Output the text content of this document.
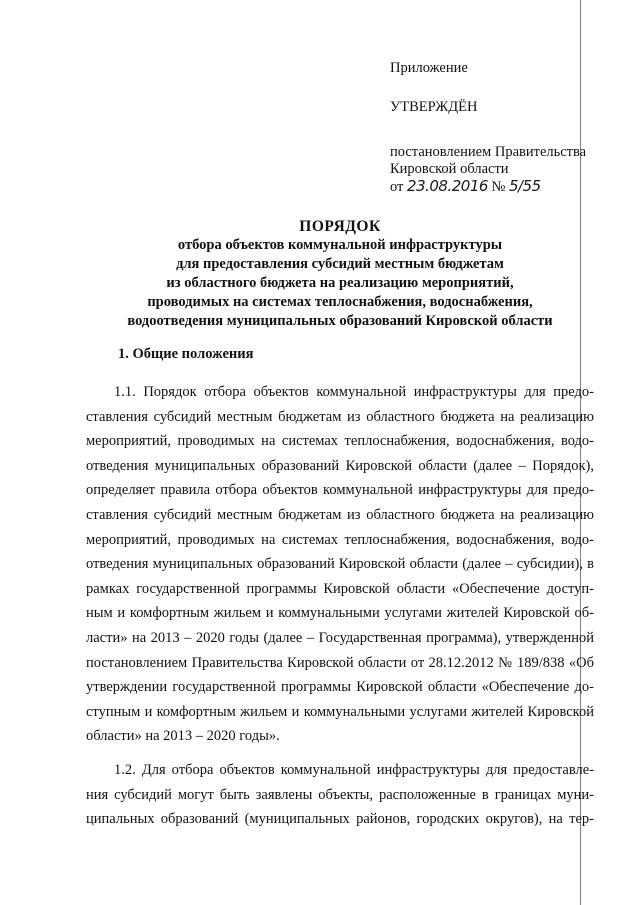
Приложение
УТВЕРЖДЁН
постановлением Правительства
Кировской области
от 23.08.2016 № 5/55
ПОРЯДОК
отбора объектов коммунальной инфраструктуры
для предоставления субсидий местным бюджетам
из областного бюджета на реализацию мероприятий,
проводимых на системах теплоснабжения, водоснабжения,
водоотведения муниципальных образований Кировской области
1. Общие положения

1.1. Порядок отбора объектов коммунальной инфраструктуры для предо-
ставления субсидий местным бюджетам из областного бюджета на реализацию
мероприятий, проводимых на системах теплоснабжения, водоснабжения, водо-
отведения муниципальных образований Кировской области (далее – Порядок),
определяет правила отбора объектов коммунальной инфраструктуры для предо-
ставления субсидий местным бюджетам из областного бюджета на реализацию
мероприятий, проводимых на системах теплоснабжения, водоснабжения, водо-
отведения муниципальных образований Кировской области (далее – субсидии), в
рамках государственной программы Кировской области «Обеспечение доступ-
ным и комфортным жильем и коммунальными услугами жителей Кировской об-
ласти» на 2013 – 2020 годы (далее – Государственная программа), утвержденной
постановлением Правительства Кировской области от 28.12.2012 № 189/838 «Об
утверждении государственной программы Кировской области «Обеспечение до-
ступным и комфортным жильем и коммунальными услугами жителей Кировской
области» на 2013 – 2020 годы».

1.2. Для отбора объектов коммунальной инфраструктуры для предоставле-
ния субсидий могут быть заявлены объекты, расположенные в границах муни-
ципальных образований (муниципальных районов, городских округов), на тер-
